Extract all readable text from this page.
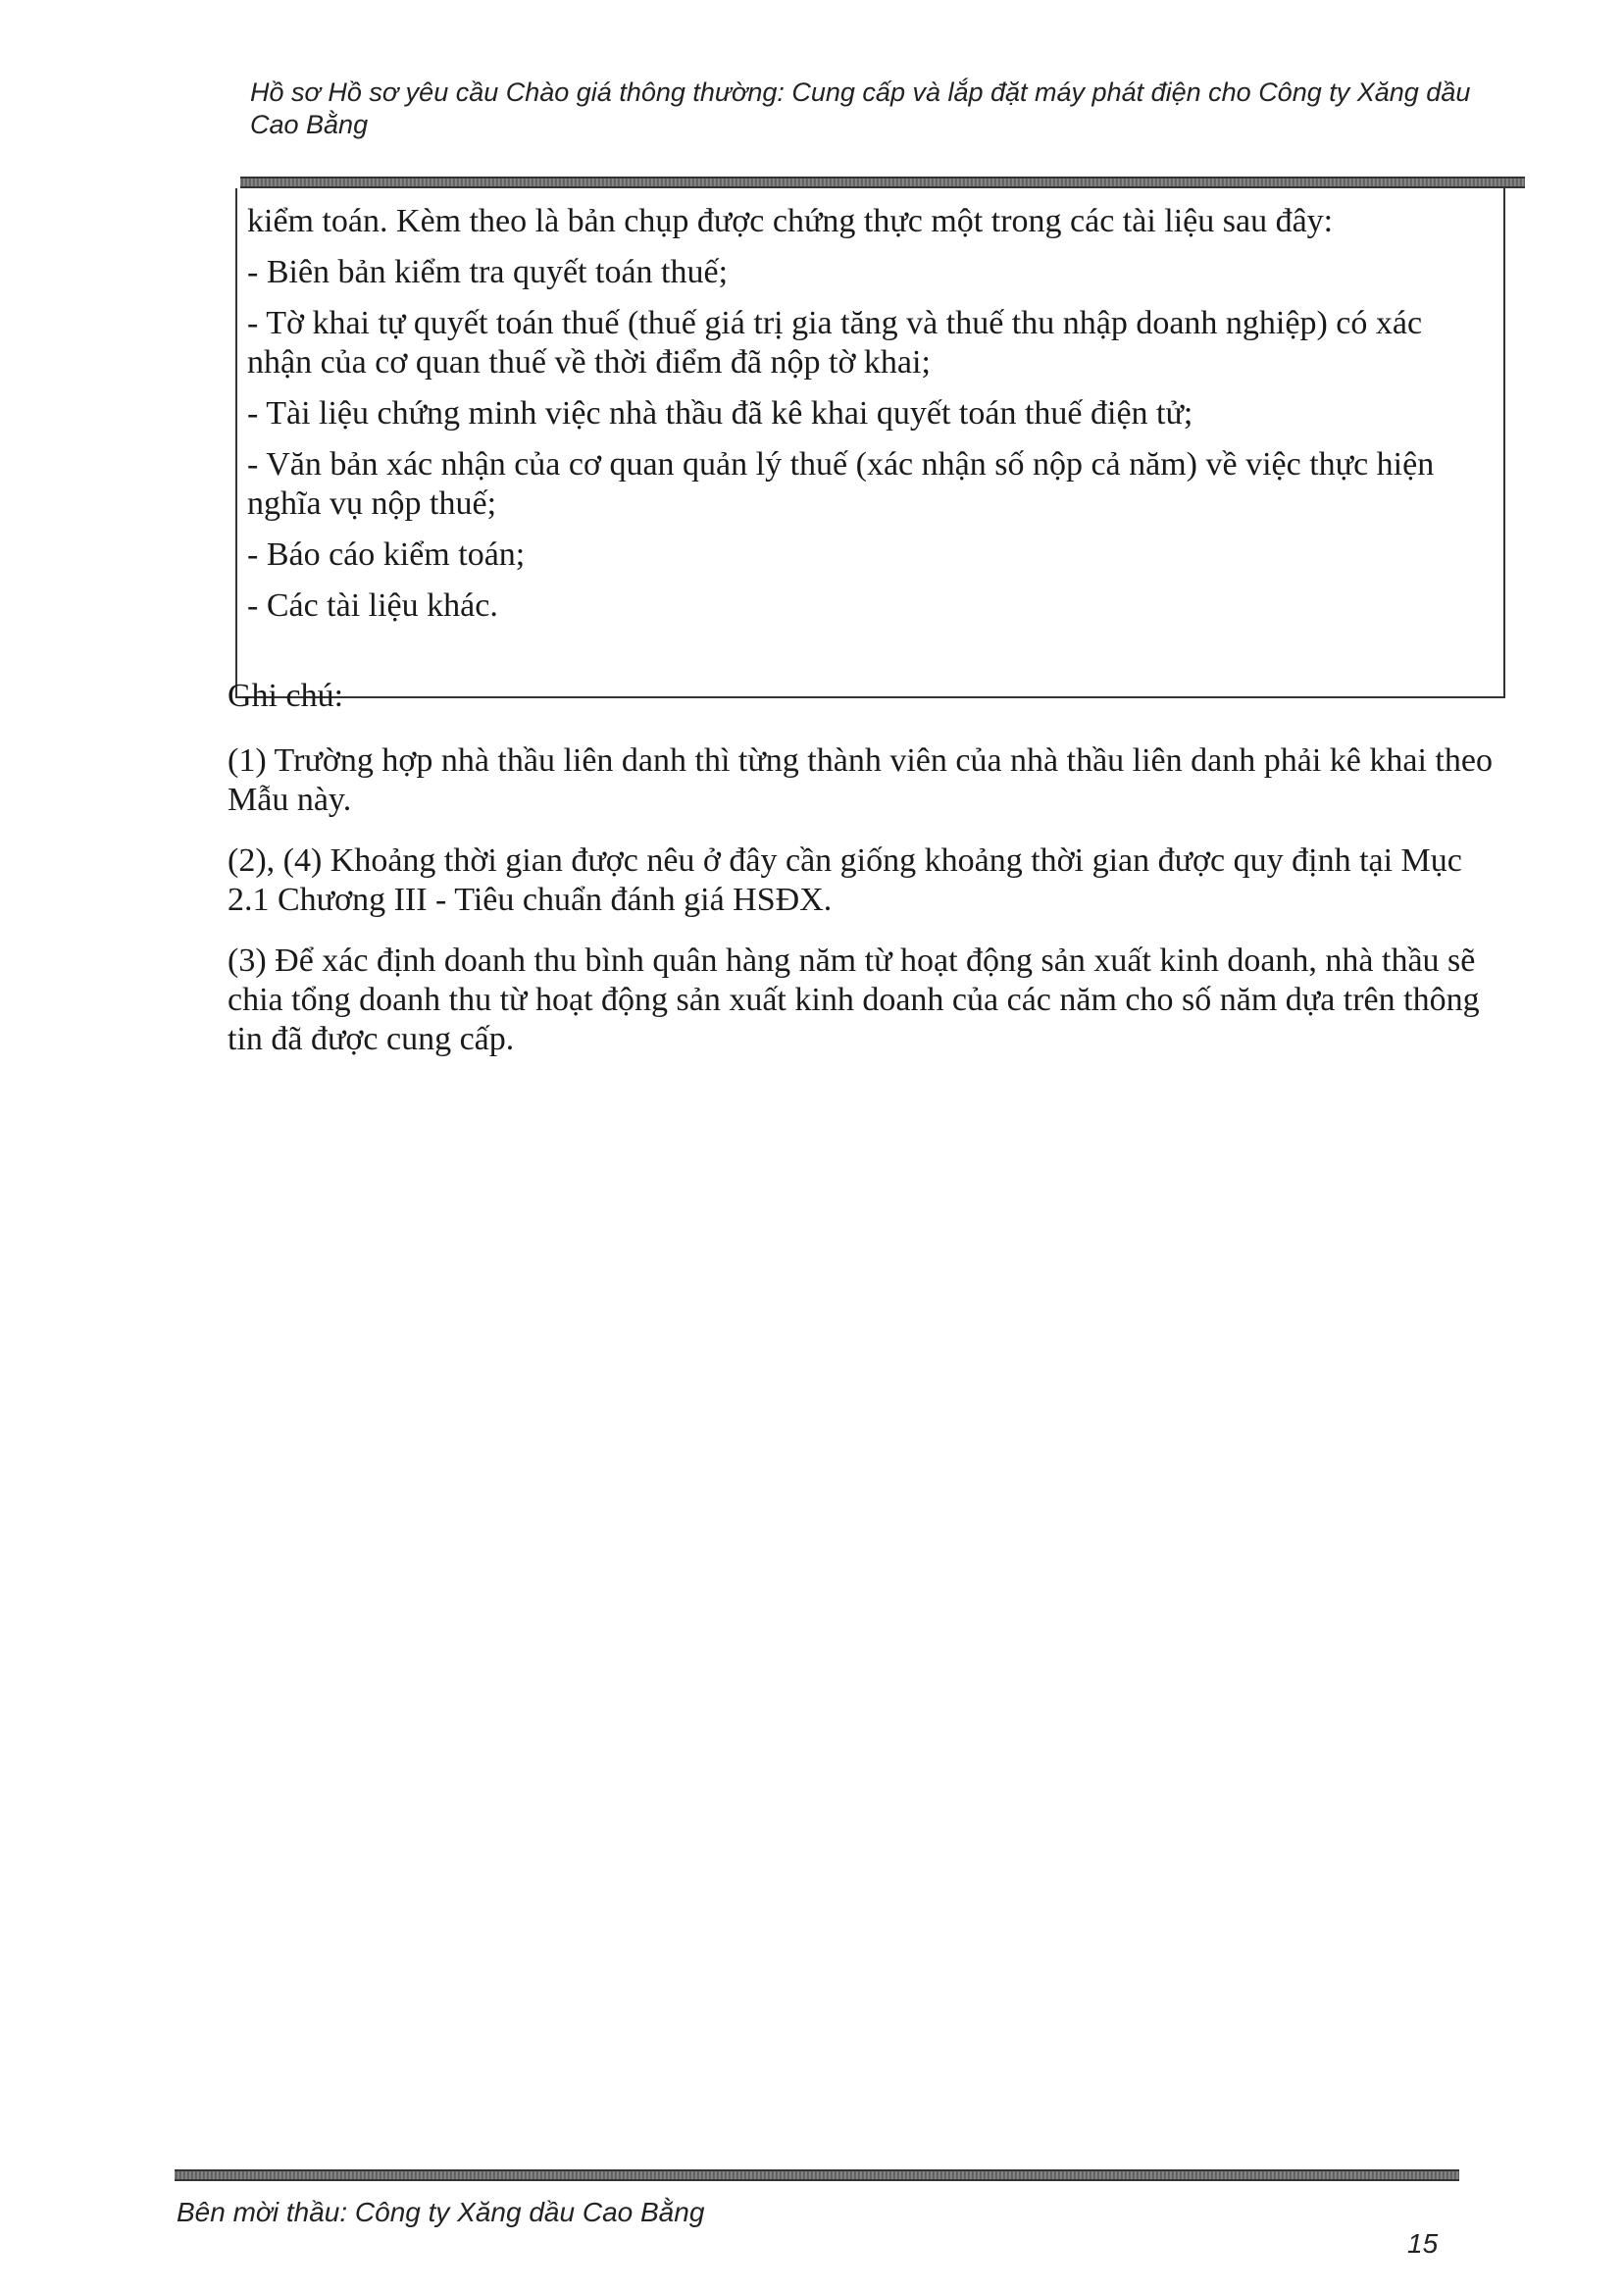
Hồ sơ Hồ sơ yêu cầu Chào giá thông thường: Cung cấp và lắp đặt máy phát điện cho Công ty Xăng dầu Cao Bằng

kiểm toán. Kèm theo là bản chụp được chứng thực một trong các tài liệu sau đây:

- Biên bản kiểm tra quyết toán thuế;

- Tờ khai tự quyết toán thuế (thuế giá trị gia tăng và thuế thu nhập doanh nghiệp) có xác nhận của cơ quan thuế về thời điểm đã nộp tờ khai;

- Tài liệu chứng minh việc nhà thầu đã kê khai quyết toán thuế điện tử;

- Văn bản xác nhận của cơ quan quản lý thuế (xác nhận số nộp cả năm) về việc thực hiện nghĩa vụ nộp thuế;

- Báo cáo kiểm toán;

- Các tài liệu khác.

Ghi chú:

(1) Trường hợp nhà thầu liên danh thì từng thành viên của nhà thầu liên danh phải kê khai theo Mẫu này.

(2), (4) Khoảng thời gian được nêu ở đây cần giống khoảng thời gian được quy định tại Mục 2.1 Chương III - Tiêu chuẩn đánh giá HSĐX.

(3) Để xác định doanh thu bình quân hàng năm từ hoạt động sản xuất kinh doanh, nhà thầu sẽ chia tổng doanh thu từ hoạt động sản xuất kinh doanh của các năm cho số năm dựa trên thông tin đã được cung cấp.

Bên mời thầu: Công ty Xăng dầu Cao Bằng
15
